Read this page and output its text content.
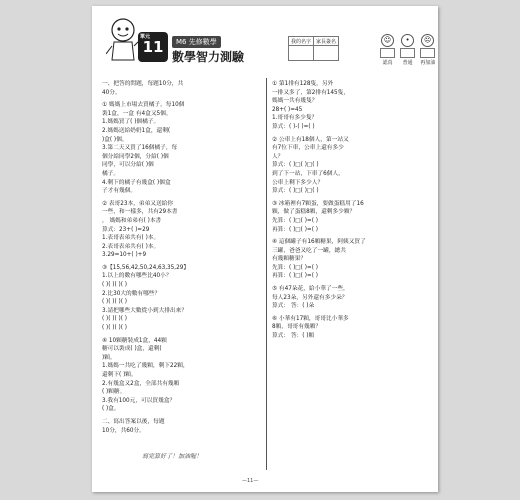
單元
11	M6 先修數學
數學智力測驗
我的名字	家長簽名
		☺
認真

•
普通

☹
再加油
一、把答的問題，每題10分，共
40分。
① 媽媽上市場去買橘子，每10個
裝1盒，一盒 有4盒又5個。
1.媽媽買了( )個橘子。
2.媽媽送給奶奶1盒，還剩(
)盒( )個。
3.第二天又買了16個橘子，每
個分給同學2個，分給( )個
同學，可以分給( )個
橘子。
4.剩下的橘子有幾盒( )個盒
子才有幾個。
② 表哥23本，弟弟又送給你
一些，和一樣多，共有29本書
， 媽媽和弟弟有( )本書
算式：23+( )=29
1.表哥表弟共有( )本。
2.表哥表弟共有( )本。
3.29=10+( )+9
③【15,56,42,50,24,63,35,29】
1.以上的數有哪些比40小？
( )( )( )( )
2.比30大的數有哪些？
( )( )( )( )
3.請把哪些大數從小到大排出來？
( )( )( )( )
( )( )( )( )
④ 10顆糖裝成1盒，44顆
糖可以裝成( )盒，還剩(
)顆。
1.媽媽一共吃了幾顆，剩下22顆，
還剩下( )顆。
2.有幾盒又2盒，全部共有幾顆
( )顆糖。
3.我有100元，可以買幾盒？
( )盒。
二、寫出答案以後，每題
10分，共60分。
① 第1排有128隻，另外
一排又多了，第2排有145隻，
媽媽一共有幾隻？
28+( )=45
1.哥哥有多少隻？
算式：( )-( )=( )
② 公車上有18個人，第一站又
有7位下車，公車上還有多少
人？
算式：( )□( )□( )
到了下一站，下車了6個人，
公車上剩下多少人？
算式：( )□( )□( )
③ 冰箱裡有7顆蛋，要做蛋糕用了16
顆，做了蛋糕8顆，還剩多少顆？
先算：( )□( )=( )
再算：( )□( )=( )
④ 這個罐子有16顆糖果，阿姨又買了
三罐，爸爸又吃了一罐，總共
有幾顆糖果？
先算：( )□( )=( )
再算：( )□( )=( )
⑤ 有47朵花，給小華了一些，
每人23朵，另外還有多少朵？
算式： 答：( )朵
⑥ 小華有17顆，哥哥比小華多
8顆，哥哥有幾顆？
算式： 答：( )顆
寫完算好了！加油喔！
—11—
